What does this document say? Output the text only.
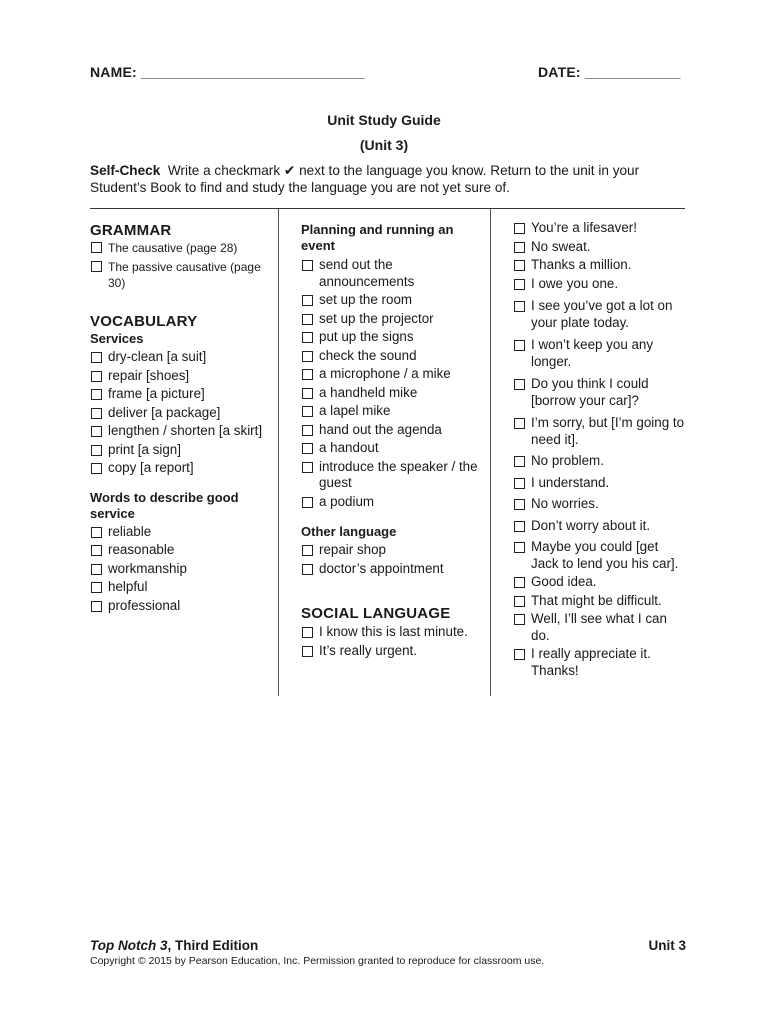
NAME: ____________________________	DATE: ____________
Unit Study Guide
(Unit 3)
Self-Check Write a checkmark ✔ next to the language you know. Return to the unit in your Student’s Book to find and study the language you are not yet sure of.
GRAMMAR
The causative (page 28)
The passive causative (page 30)
VOCABULARY
Services
dry-clean [a suit]
repair [shoes]
frame [a picture]
deliver [a package]
lengthen / shorten [a skirt]
print [a sign]
copy [a report]
Words to describe good service
reliable
reasonable
workmanship
helpful
professional
Planning and running an event
send out the announcements
set up the room
set up the projector
put up the signs
check the sound
a microphone / a mike
a handheld mike
a lapel mike
hand out the agenda
a handout
introduce the speaker / the guest
a podium
Other language
repair shop
doctor’s appointment
SOCIAL LANGUAGE
I know this is last minute.
It’s really urgent.
You’re a lifesaver!
No sweat.
Thanks a million.
I owe you one.
I see you’ve got a lot on your plate today.
I won’t keep you any longer.
Do you think I could [borrow your car]?
I’m sorry, but [I’m going to need it].
No problem.
I understand.
No worries.
Don’t worry about it.
Maybe you could [get Jack to lend you his car].
Good idea.
That might be difficult.
Well, I’ll see what I can do.
I really appreciate it. Thanks!
Top Notch 3, Third Edition	Unit 3
Copyright © 2015 by Pearson Education, Inc. Permission granted to reproduce for classroom use.
